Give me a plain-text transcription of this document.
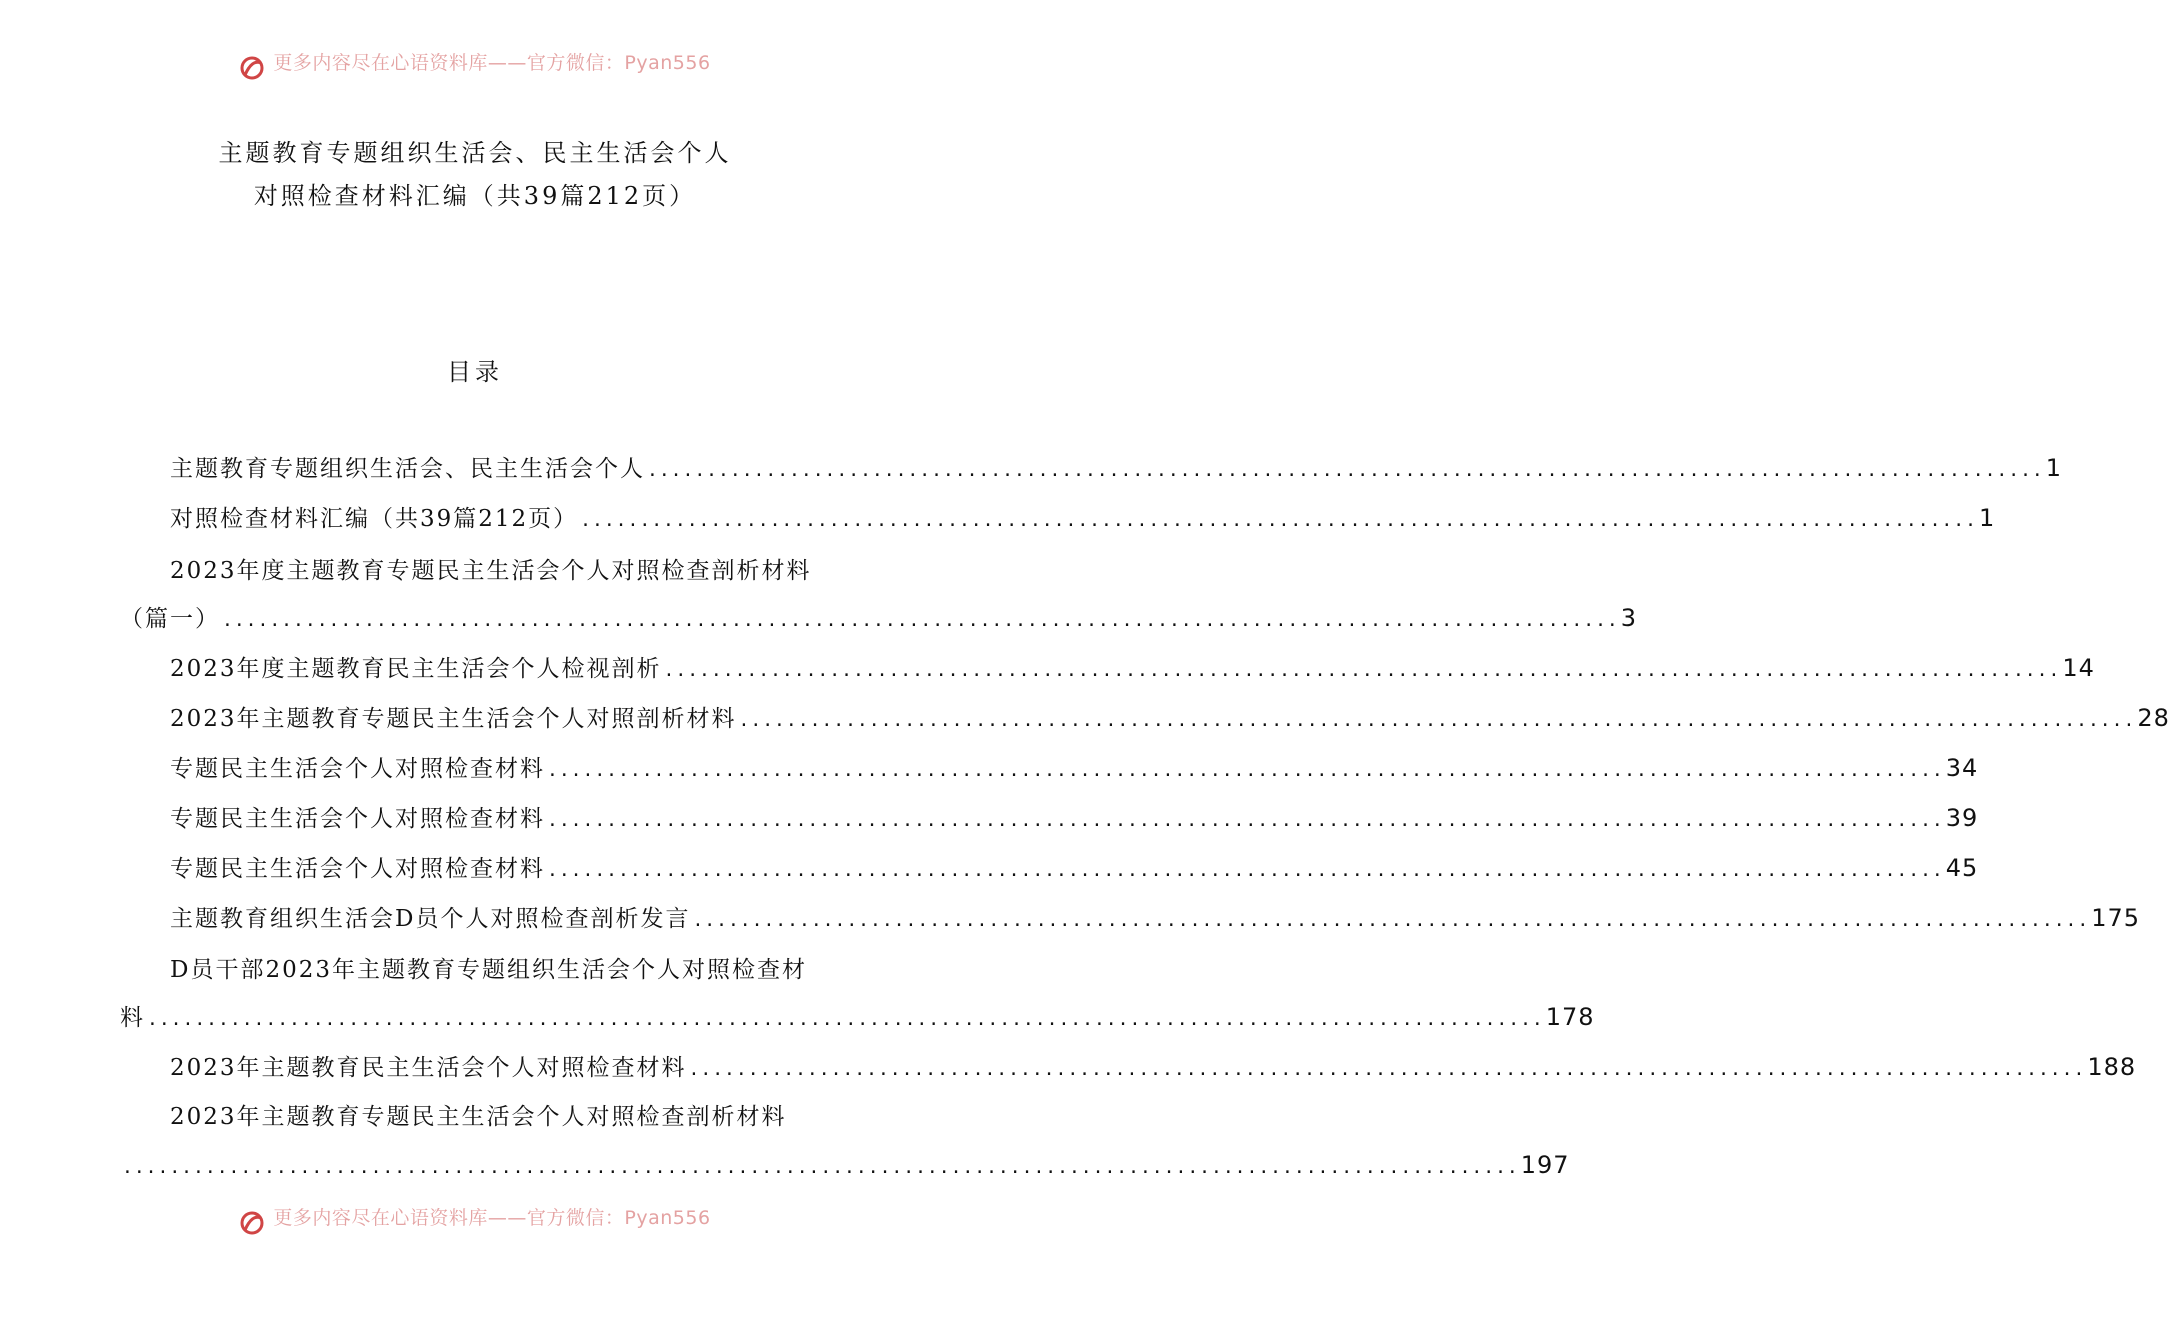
更多内容尽在心语资料库——官方微信：Pyan556
主题教育专题组织生活会、民主生活会个人
对照检查材料汇编（共39篇212页）
目录
主题教育专题组织生活会、民主生活会个人 ...................................................................................................................... 1
对照检查材料汇编（共39篇212页） ...................................................................................................................... 1
2023年度主题教育专题民主生活会个人对照检查剖析材料
（篇一） ...................................................................................................................... 3
2023年度主题教育民主生活会个人检视剖析 ...................................................................................................................... 14
2023年主题教育专题民主生活会个人对照剖析材料 ...................................................................................................................... 28
专题民主生活会个人对照检查材料 ...................................................................................................................... 34
专题民主生活会个人对照检查材料 ...................................................................................................................... 39
专题民主生活会个人对照检查材料 ...................................................................................................................... 45
主题教育组织生活会D员个人对照检查剖析发言 ...................................................................................................................... 175
D员干部2023年主题教育专题组织生活会个人对照检查材
料 ...................................................................................................................... 178
2023年主题教育民主生活会个人对照检查材料 ...................................................................................................................... 188
2023年主题教育专题民主生活会个人对照检查剖析材料
...................................................................................................................... 197
更多内容尽在心语资料库——官方微信：Pyan556
